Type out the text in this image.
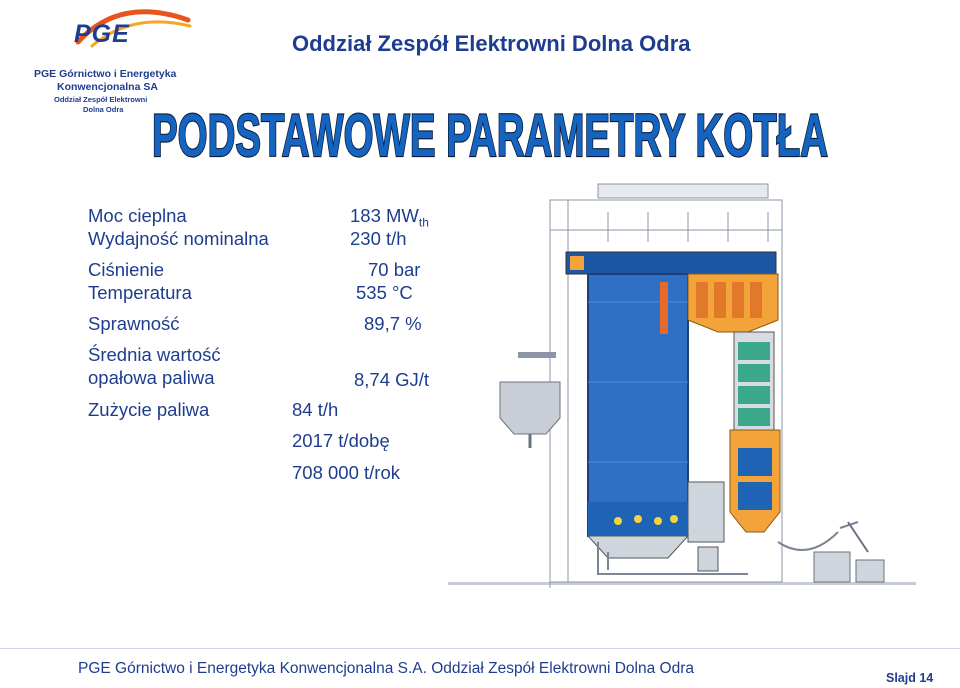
PGE
PGE Górnictwo i Energetyka
Konwencjonalna SA
Oddział Zespół Elektrowni
Dolna Odra
Oddział Zespół Elektrowni Dolna Odra
PODSTAWOWE PARAMETRY KOTŁA
Moc cieplna	183 $MW_{th}$
Wydajność nominalna	230 t/h
Ciśnienie	70 bar
Temperatura	535 °C
Sprawność	89,7 %
Średnia wartość
opałowa paliwa	8,74 GJ/t
Zużycie paliwa	84 t/h
2017 t/dobę
708 000 t/rok
PGE Górnictwo i Energetyka Konwencjonalna S.A. Oddział Zespół Elektrowni Dolna Odra
Slajd 14
